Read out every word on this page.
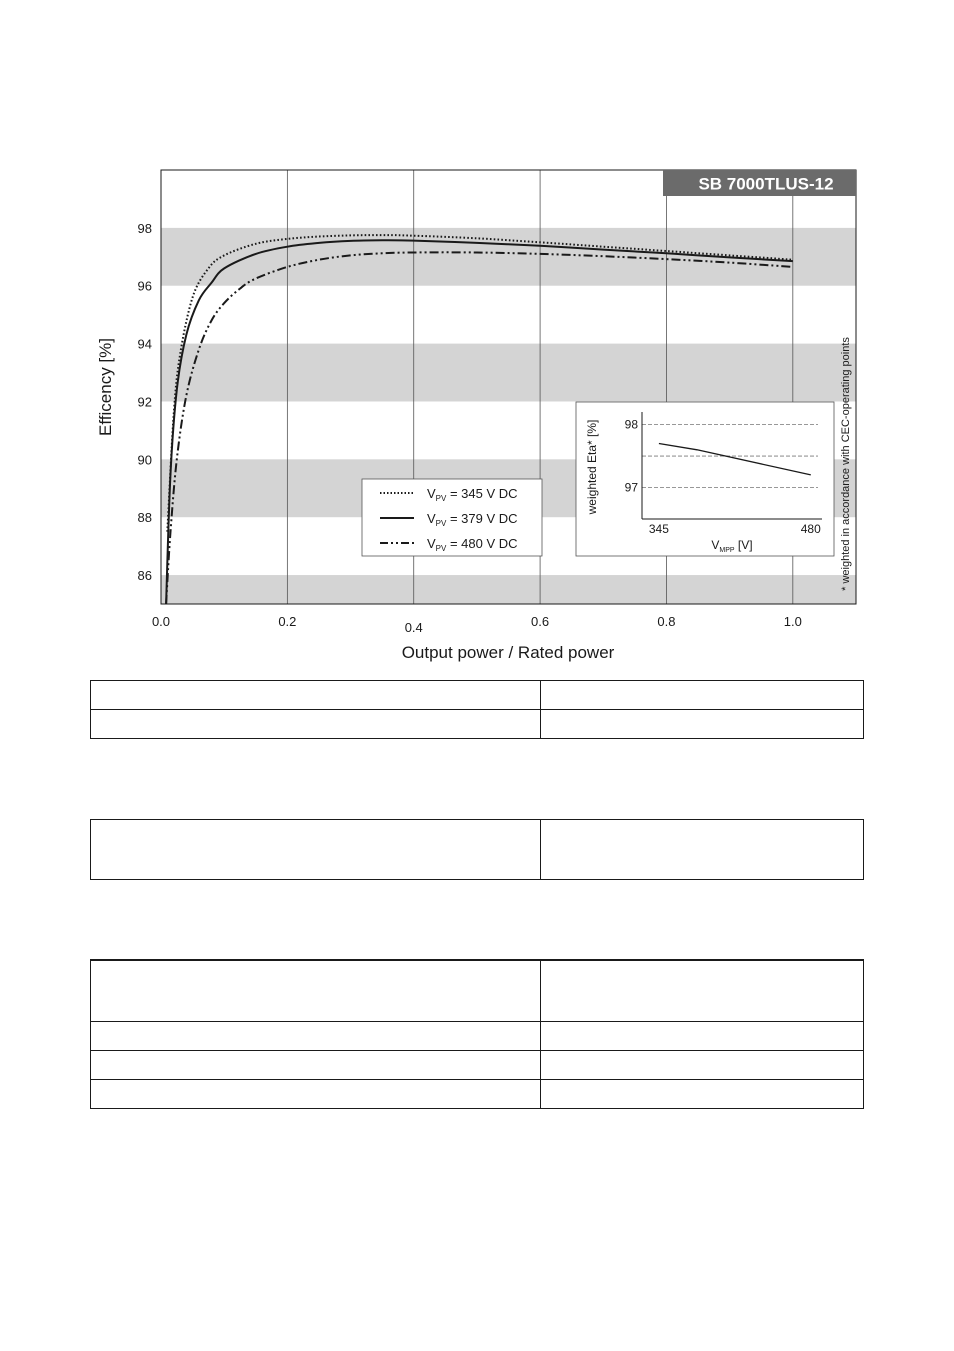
SB 7000TLUS-12
86
88
90
92
94
96
98
0.0	0.2	0.4	0.6	0.8	1.0
Efficency [%]
Output power / Rated power
* weighted in accordance with CEC-operating points
$V_{PV} = 345$ V DC
$V_{PV} = 379$ V DC
$V_{PV} = 480$ V DC
98
97
345	480
weighted Eta* [%]
$V_{MPP}$ [V]
